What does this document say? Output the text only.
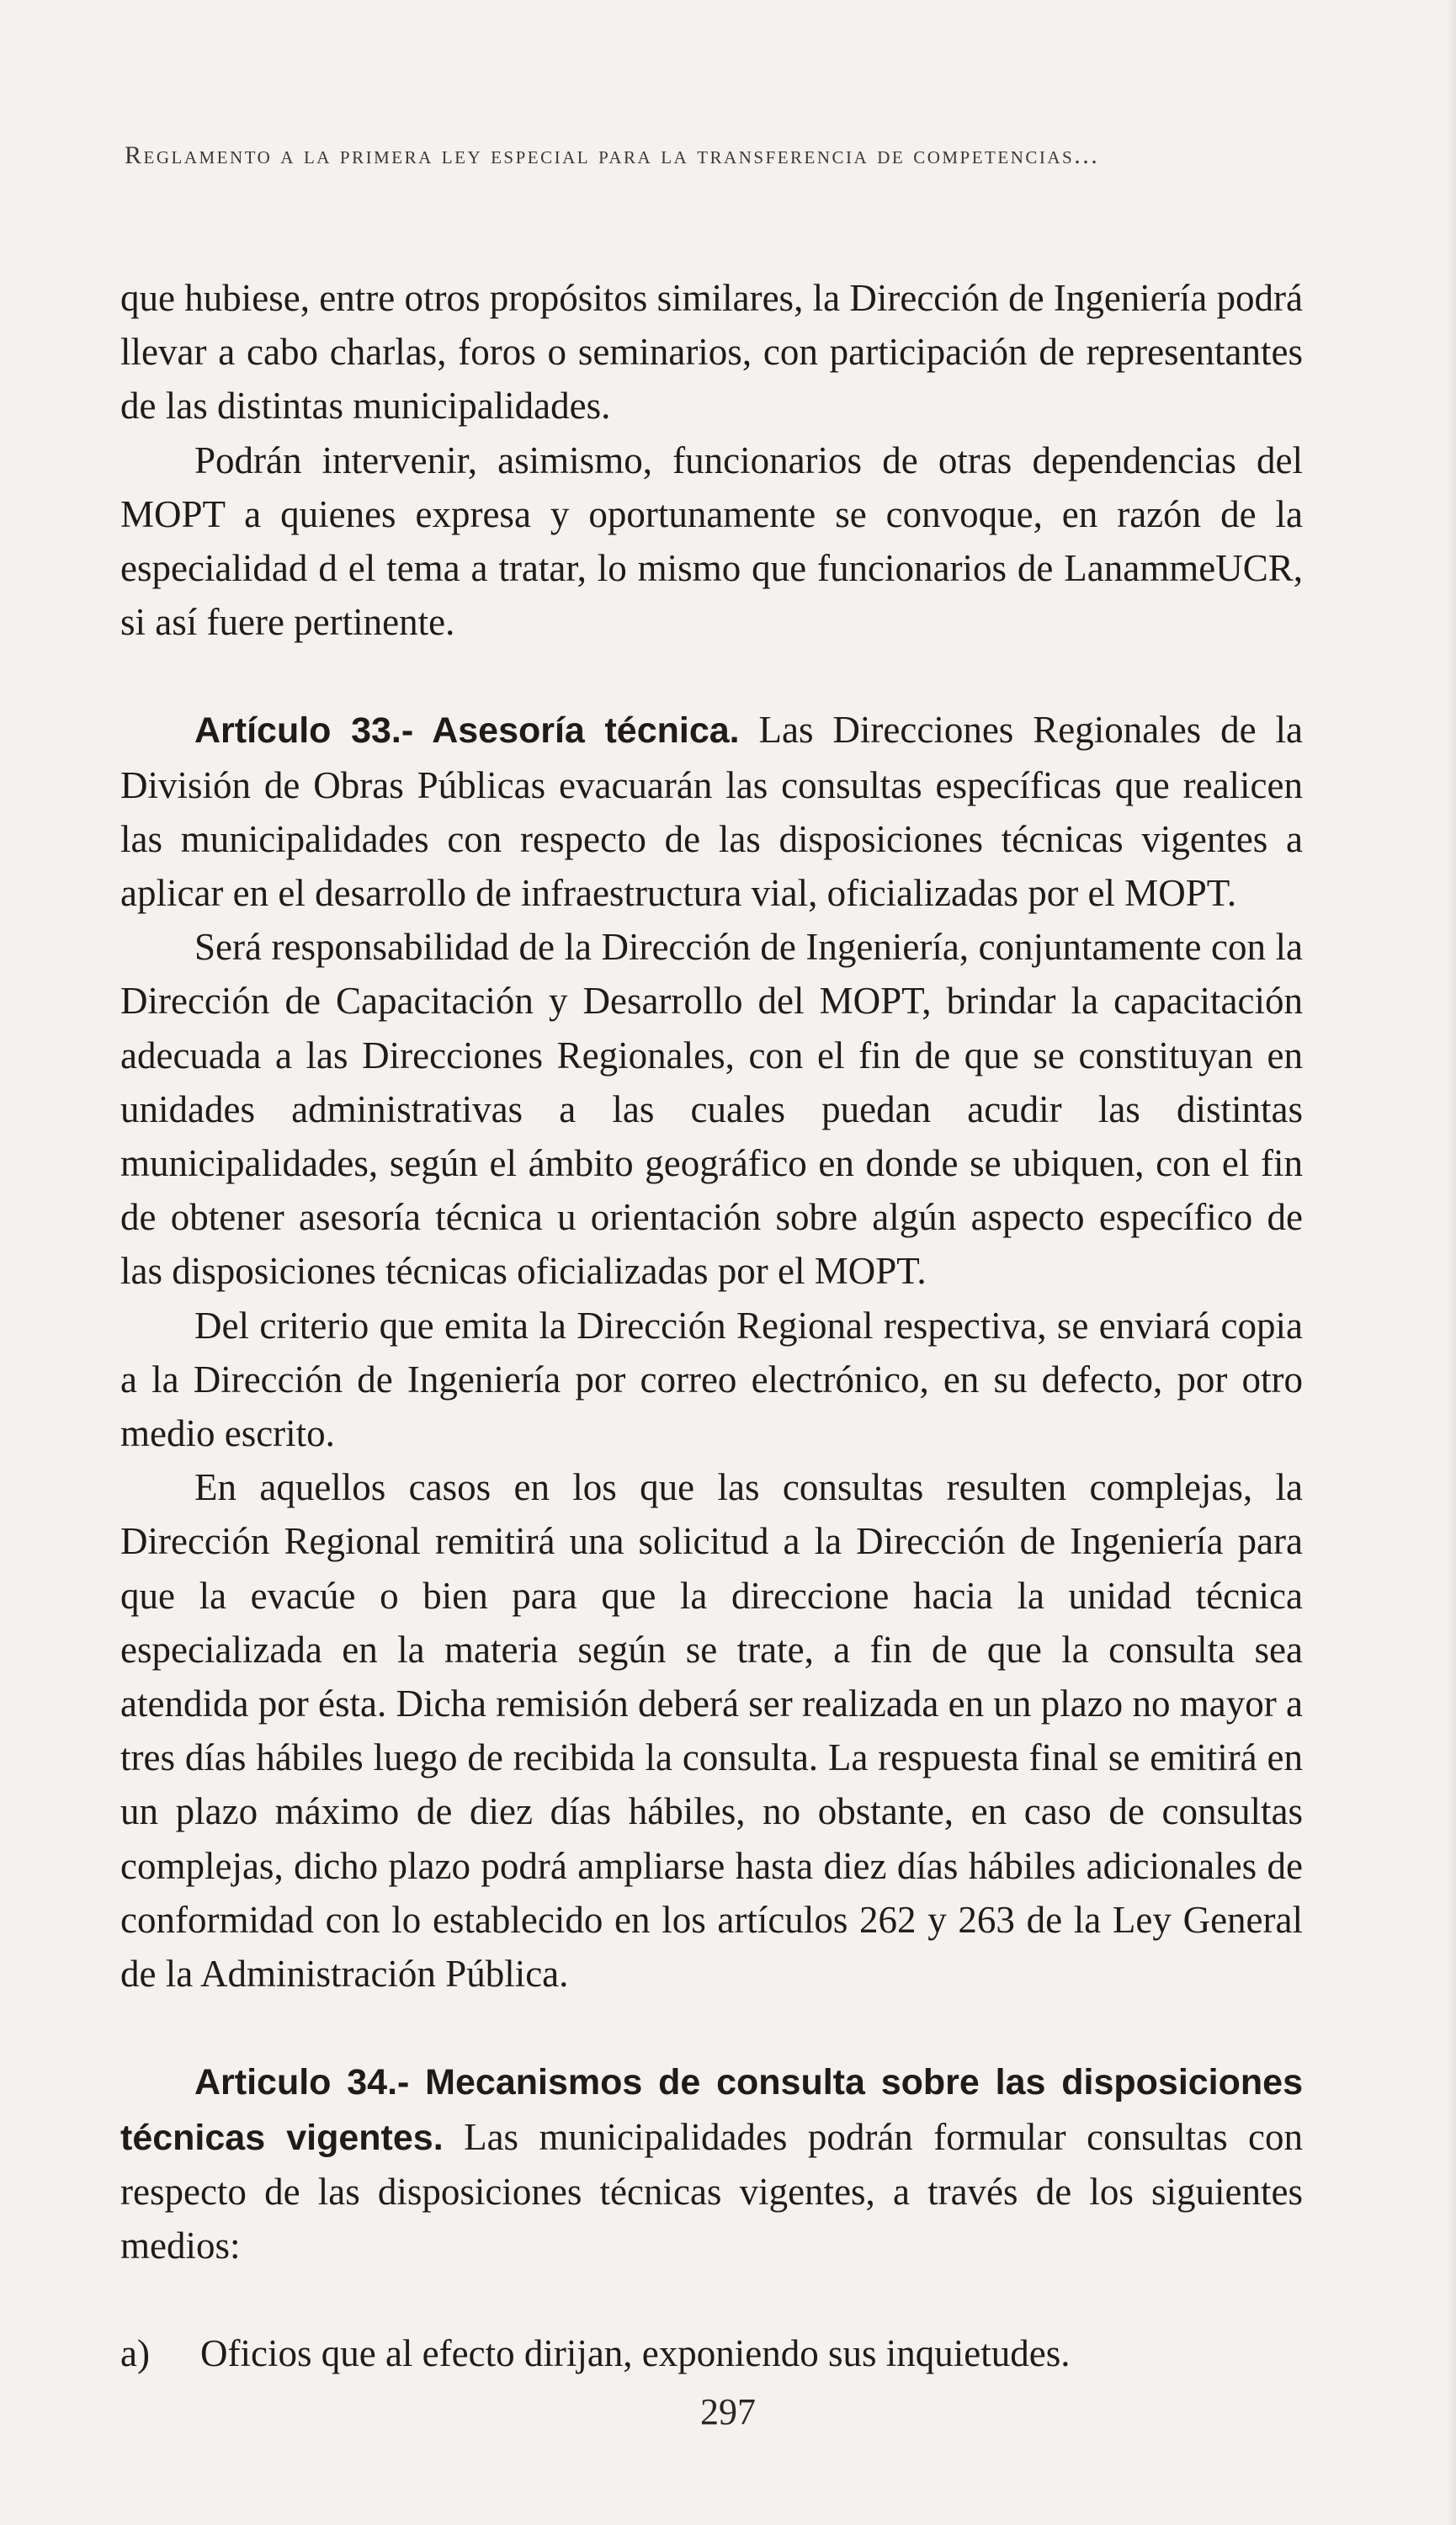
Reglamento a la primera ley especial para la transferencia de competencias...

que hubiese, entre otros propósitos similares, la Dirección de Ingeniería podrá llevar a cabo charlas, foros o seminarios, con participación de representantes de las distintas municipalidades.

Podrán intervenir, asimismo, funcionarios de otras dependencias del MOPT a quienes expresa y oportunamente se convoque, en razón de la especialidad d el tema a tratar, lo mismo que funcionarios de LanammeUCR, si así fuere pertinente.

Artículo 33.- Asesoría técnica. Las Direcciones Regionales de la División de Obras Públicas evacuarán las consultas específicas que realicen las municipalidades con respecto de las disposiciones técnicas vigentes a aplicar en el desarrollo de infraestructura vial, oficializadas por el MOPT.

Será responsabilidad de la Dirección de Ingeniería, conjuntamente con la Dirección de Capacitación y Desarrollo del MOPT, brindar la capacitación adecuada a las Direcciones Regionales, con el fin de que se constituyan en unidades administrativas a las cuales puedan acudir las distintas municipalidades, según el ámbito geográfico en donde se ubiquen, con el fin de obtener asesoría técnica u orientación sobre algún aspecto específico de las disposiciones técnicas oficializadas por el MOPT.

Del criterio que emita la Dirección Regional respectiva, se enviará copia a la Dirección de Ingeniería por correo electrónico, en su defecto, por otro medio escrito.

En aquellos casos en los que las consultas resulten complejas, la Dirección Regional remitirá una solicitud a la Dirección de Ingeniería para que la evacúe o bien para que la direccione hacia la unidad técnica especializada en la materia según se trate, a fin de que la consulta sea atendida por ésta. Dicha remisión deberá ser realizada en un plazo no mayor a tres días hábiles luego de recibida la consulta. La respuesta final se emitirá en un plazo máximo de diez días hábiles, no obstante, en caso de consultas complejas, dicho plazo podrá ampliarse hasta diez días hábiles adicionales de conformidad con lo establecido en los artículos 262 y 263 de la Ley General de la Administración Pública.

Articulo 34.- Mecanismos de consulta sobre las disposiciones técnicas vigentes. Las municipalidades podrán formular consultas con respecto de las disposiciones técnicas vigentes, a través de los siguientes medios:

a)	Oficios que al efecto dirijan, exponiendo sus inquietudes.
297
